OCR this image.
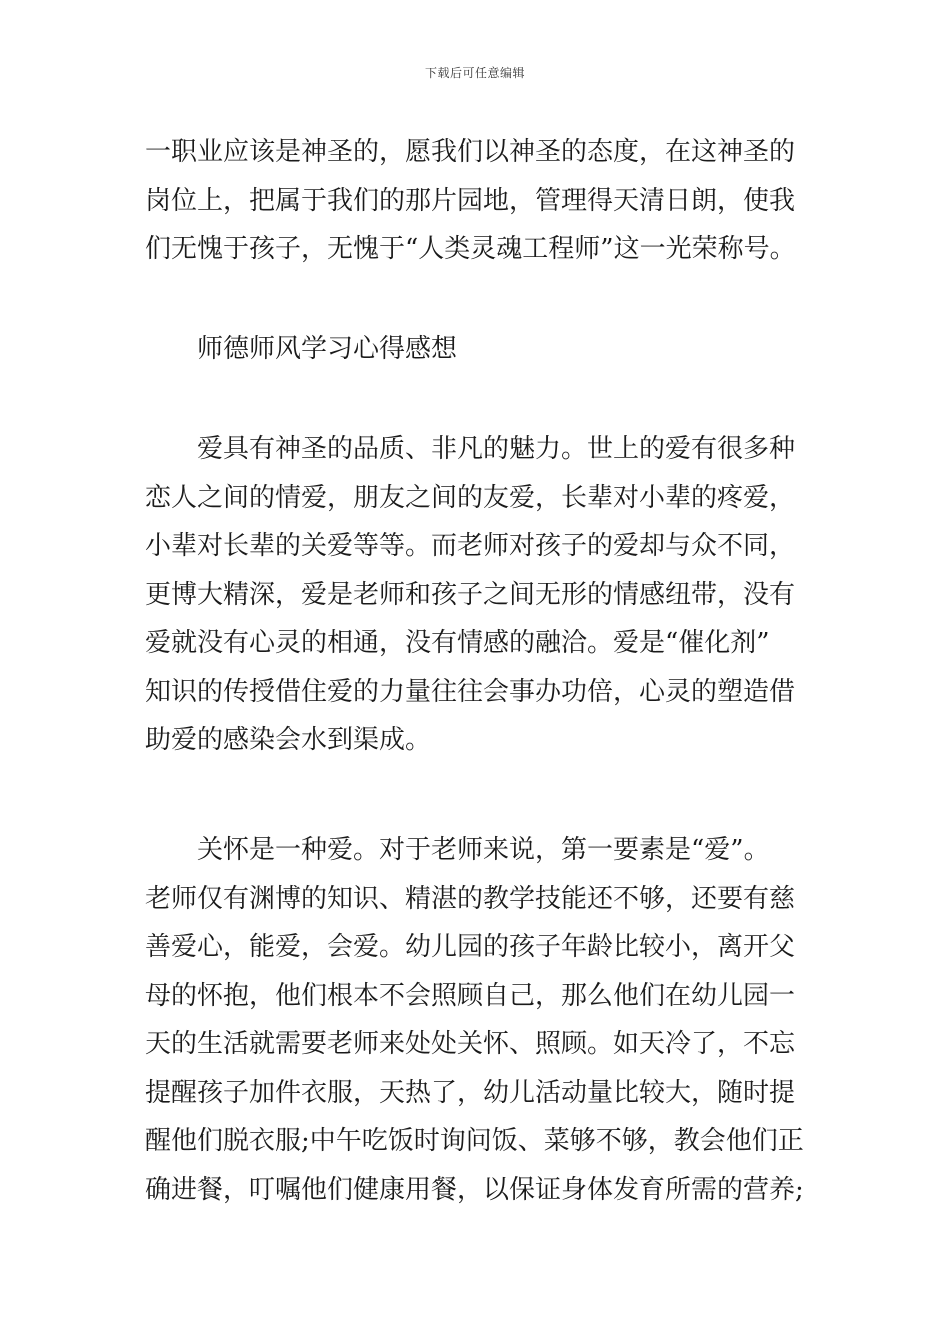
下载后可任意编辑
一职业应该是神圣的，愿我们以神圣的态度，在这神圣的
岗位上，把属于我们的那片园地，管理得天清日朗，使我
们无愧于孩子，无愧于“人类灵魂工程师”这一光荣称号。
师德师风学习心得感想
爱具有神圣的品质、非凡的魅力。世上的爱有很多种
恋人之间的情爱，朋友之间的友爱，长辈对小辈的疼爱，
小辈对长辈的关爱等等。而老师对孩子的爱却与众不同，
更博大精深，爱是老师和孩子之间无形的情感纽带，没有
爱就没有心灵的相通，没有情感的融洽。爱是“催化剂”
知识的传授借住爱的力量往往会事办功倍，心灵的塑造借
助爱的感染会水到渠成。
关怀是一种爱。对于老师来说，第一要素是“爱”。
老师仅有渊博的知识、精湛的教学技能还不够，还要有慈
善爱心，能爱，会爱。幼儿园的孩子年龄比较小，离开父
母的怀抱，他们根本不会照顾自己，那么他们在幼儿园一
天的生活就需要老师来处处关怀、照顾。如天冷了，不忘
提醒孩子加件衣服，天热了，幼儿活动量比较大，随时提
醒他们脱衣服;中午吃饭时询问饭、菜够不够，教会他们正
确进餐，叮嘱他们健康用餐，以保证身体发育所需的营养;
